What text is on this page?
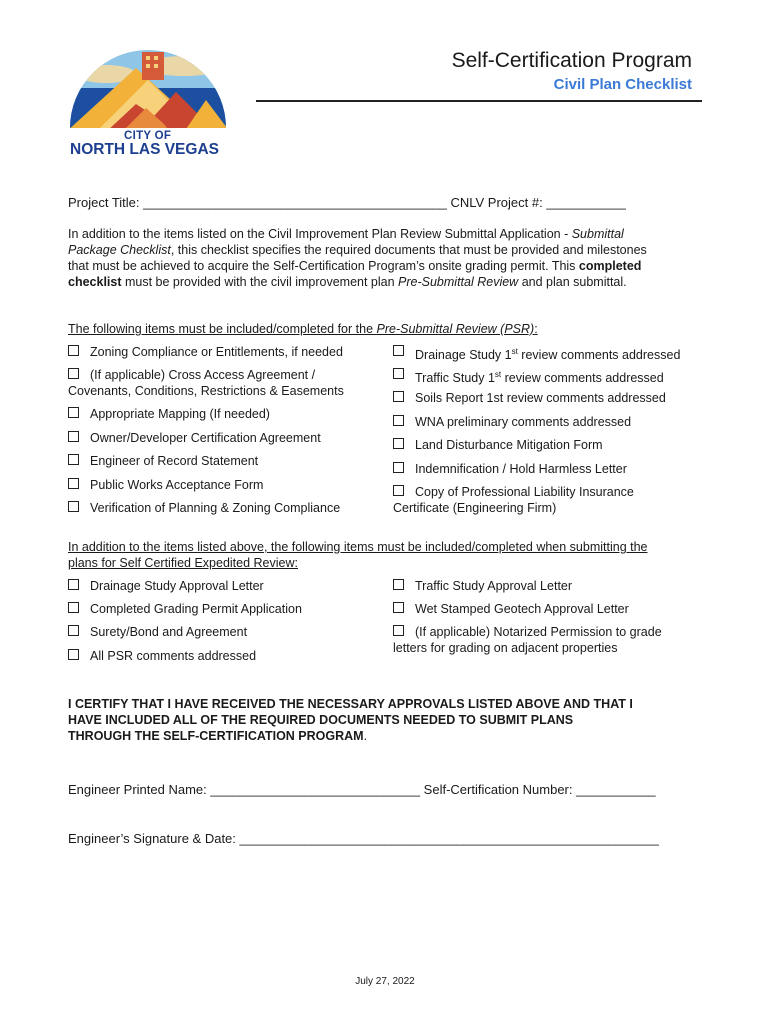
CITY OF
NORTH LAS VEGAS
Self-Certification Program
Civil Plan Checklist
Project Title: __________________________________________ CNLV Project #: ___________
In addition to the items listed on the Civil Improvement Plan Review Submittal Application - Submittal
Package Checklist, this checklist specifies the required documents that must be provided and milestones
that must be achieved to acquire the Self-Certification Program’s onsite grading permit. This completed
checklist must be provided with the civil improvement plan Pre-Submittal Review and plan submittal.
The following items must be included/completed for the Pre-Submittal Review (PSR):
Zoning Compliance or Entitlements, if needed
(If applicable) Cross Access Agreement /
Covenants, Conditions, Restrictions & Easements
Appropriate Mapping (If needed)
Owner/Developer Certification Agreement
Engineer of Record Statement
Public Works Acceptance Form
Verification of Planning & Zoning Compliance
Drainage Study 1st review comments addressed
Traffic Study 1st review comments addressed
Soils Report 1st review comments addressed
WNA preliminary comments addressed
Land Disturbance Mitigation Form
Indemnification / Hold Harmless Letter
Copy of Professional Liability Insurance
Certificate (Engineering Firm)
In addition to the items listed above, the following items must be included/completed when submitting the
plans for Self Certified Expedited Review:
Drainage Study Approval Letter
Completed Grading Permit Application
Surety/Bond and Agreement
All PSR comments addressed
Traffic Study Approval Letter
Wet Stamped Geotech Approval Letter
(If applicable) Notarized Permission to grade
letters for grading on adjacent properties
I CERTIFY THAT I HAVE RECEIVED THE NECESSARY APPROVALS LISTED ABOVE AND THAT I
HAVE INCLUDED ALL OF THE REQUIRED DOCUMENTS NEEDED TO SUBMIT PLANS
THROUGH THE SELF-CERTIFICATION PROGRAM.
Engineer Printed Name: _____________________________ Self-Certification Number: ___________
Engineer’s Signature & Date: __________________________________________________________
July 27, 2022
